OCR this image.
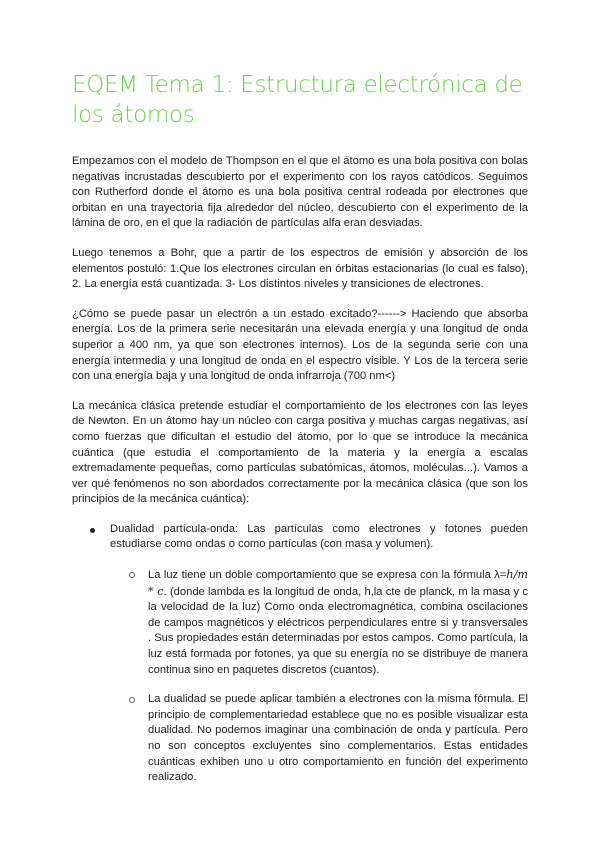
EQEM Tema 1: Estructura electrónica de los átomos

Empezamos con el modelo de Thompson en el que el átomo es una bola positiva con bolas negativas incrustadas descubierto por el experimento con los rayos catódicos. Seguimos con Rutherford donde el átomo es una bola positiva central rodeada por electrones que orbitan en una trayectoria fija alrededor del núcleo, descubierto con el experimento de la lámina de oro, en el que la radiación de partículas alfa eran desviadas.

Luego tenemos a Bohr, que a partir de los espectros de emisión y absorción de los elementos postuló: 1.Que los electrones circulan en órbitas estacionarias (lo cual es falso), 2. La energía está cuantizada. 3- Los distintos niveles y transiciones de electrones.

¿Cómo se puede pasar un electrón a un estado excitado?------> Haciendo que absorba energía. Los de la primera serie necesitarán una elevada energía y una longitud de onda superior a 400 nm, ya que son electrones internos). Los de la segunda serie con una energía intermedia y una longitud de onda en el espectro visible. Y Los de la tercera serie con una energía baja y una longitud de onda infrarroja (700 nm<)

La mecánica clásica pretende estudiar el comportamiento de los electrones con las leyes de Newton. En un átomo hay un núcleo con carga positiva y muchas cargas negativas, así como fuerzas que dificultan el estudio del átomo, por lo que se introduce la mecánica cuántica (que estudia el comportamiento de la materia y la energía a escalas extremadamente pequeñas, como partículas subatómicas, átomos, moléculas...). Vamos a ver qué fenómenos no son abordados correctamente por la mecánica clásica (que son los principios de la mecánica cuántica):

Dualidad partícula-onda: Las partículas como electrones y fotones pueden estudiarse como ondas o como partículas (con masa y volumen).
La luz tiene un doble comportamiento que se expresa con la fórmula λ=h/m * c. (donde lambda es la longitud de onda, h,la cte de planck, m la masa y c la velocidad de la luz) Como onda electromagnética, combina oscilaciones de campos magnéticos y eléctricos perpendiculares entre si y transversales . Sus propiedades están determinadas por estos campos. Como partícula, la luz está formada por fotones, ya que su energía no se distribuye de manera continua sino en paquetes discretos (cuantos).
La dualidad se puede aplicar también a electrones con la misma fórmula. El principio de complementariedad establece que no es posible visualizar esta dualidad. No podemos imaginar una combinación de onda y partícula. Pero no son conceptos excluyentes sino complementarios. Estas entidades cuánticas exhiben uno u otro comportamiento en función del experimento realizado.
